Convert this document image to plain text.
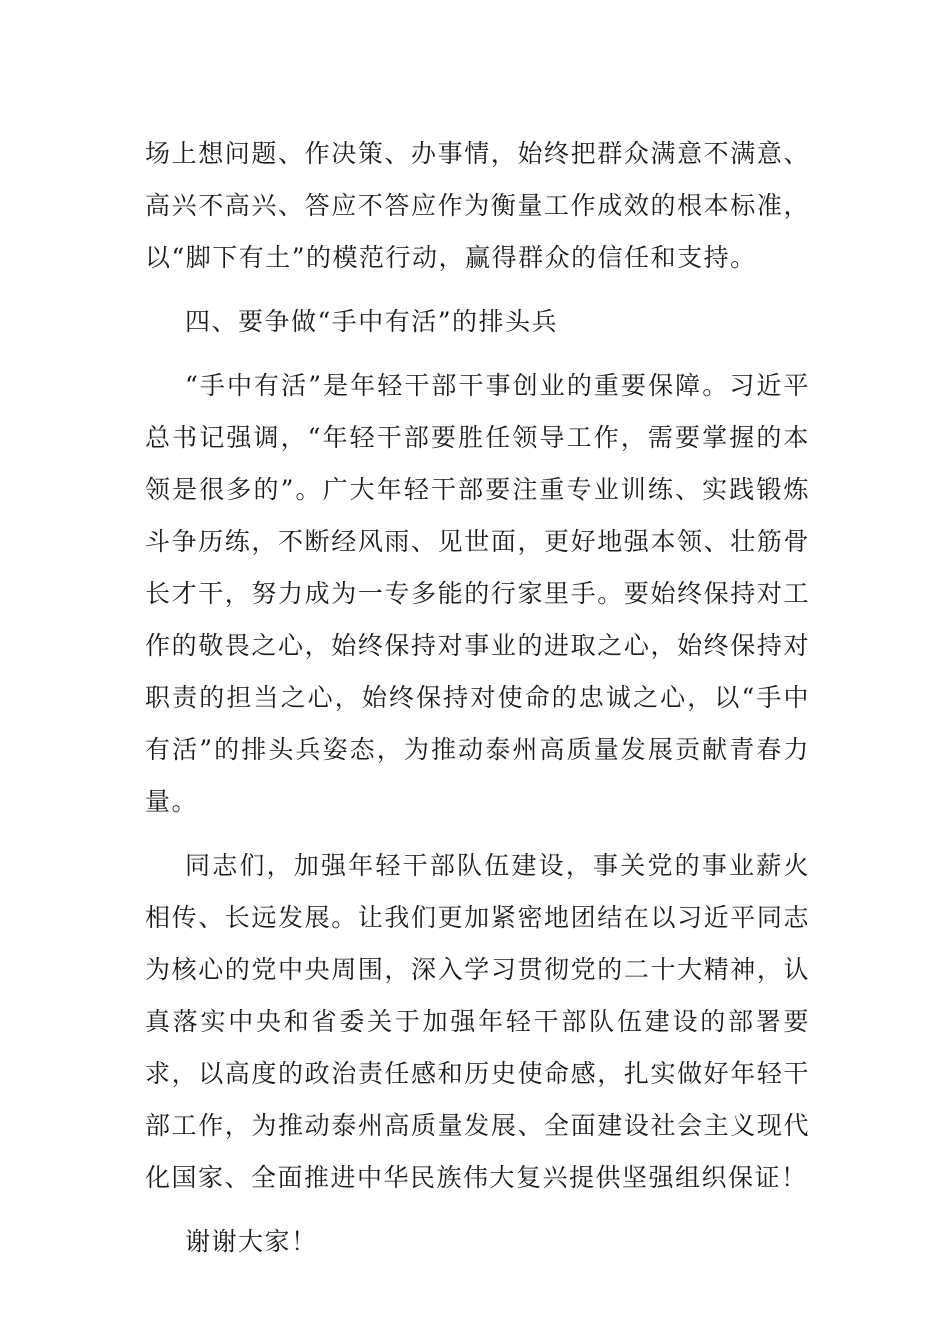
场上想问题、作决策、办事情，始终把群众满意不满意、高兴不高兴、答应不答应作为衡量工作成效的根本标准，以“脚下有土”的模范行动，赢得群众的信任和支持。

四、要争做“手中有活”的排头兵

“手中有活”是年轻干部干事创业的重要保障。习近平总书记强调，“年轻干部要胜任领导工作，需要掌握的本领是很多的”。广大年轻干部要注重专业训练、实践锻炼斗争历练，不断经风雨、见世面，更好地强本领、壮筋骨长才干，努力成为一专多能的行家里手。要始终保持对工作的敬畏之心，始终保持对事业的进取之心，始终保持对职责的担当之心，始终保持对使命的忠诚之心，以“手中有活”的排头兵姿态，为推动泰州高质量发展贡献青春力量。

同志们，加强年轻干部队伍建设，事关党的事业薪火相传、长远发展。让我们更加紧密地团结在以习近平同志为核心的党中央周围，深入学习贯彻党的二十大精神，认真落实中央和省委关于加强年轻干部队伍建设的部署要求，以高度的政治责任感和历史使命感，扎实做好年轻干部工作，为推动泰州高质量发展、全面建设社会主义现代化国家、全面推进中华民族伟大复兴提供坚强组织保证！

谢谢大家！
